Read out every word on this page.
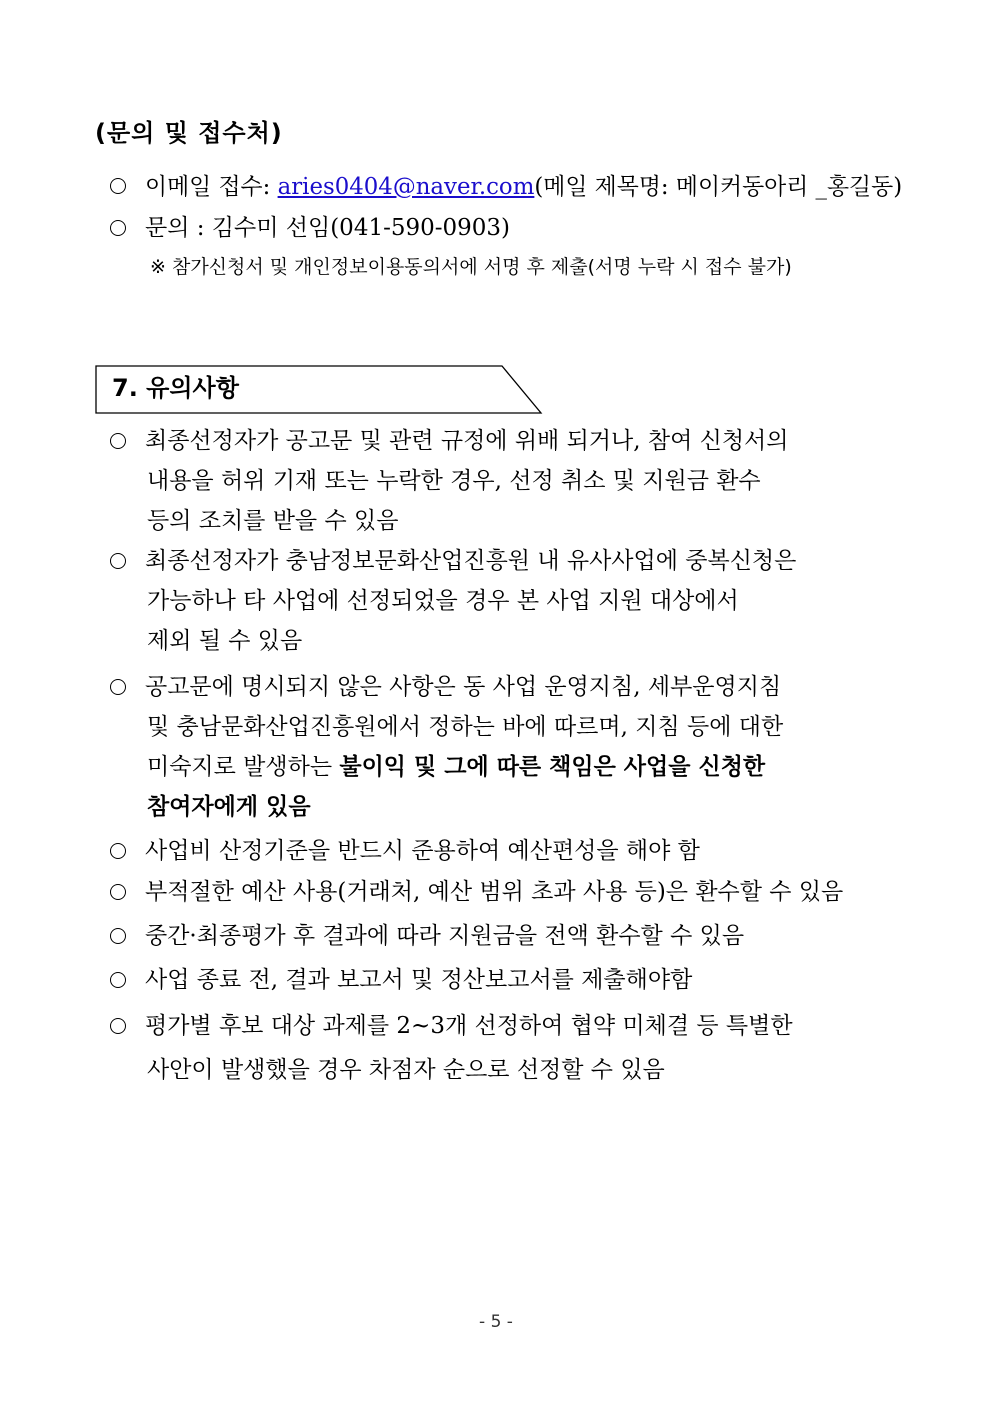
(문의 및 접수처)
이메일 접수: aries0404@naver.com(메일 제목명: 메이커동아리 _홍길동)
문의 : 김수미 선임(041-590-0903)
※ 참가신청서 및 개인정보이용동의서에 서명 후 제출(서명 누락 시 접수 불가)
7. 유의사항
최종선정자가 공고문 및 관련 규정에 위배 되거나, 참여 신청서의
내용을 허위 기재 또는 누락한 경우, 선정 취소 및 지원금 환수
등의 조치를 받을 수 있음
최종선정자가 충남정보문화산업진흥원 내 유사사업에 중복신청은
가능하나 타 사업에 선정되었을 경우 본 사업 지원 대상에서
제외 될 수 있음
공고문에 명시되지 않은 사항은 동 사업 운영지침, 세부운영지침
및 충남문화산업진흥원에서 정하는 바에 따르며, 지침 등에 대한
미숙지로 발생하는 불이익 및 그에 따른 책임은 사업을 신청한
참여자에게 있음
사업비 산정기준을 반드시 준용하여 예산편성을 해야 함
부적절한 예산 사용(거래처, 예산 범위 초과 사용 등)은 환수할 수 있음
중간·최종평가 후 결과에 따라 지원금을 전액 환수할 수 있음
사업 종료 전, 결과 보고서 및 정산보고서를 제출해야함
평가별 후보 대상 과제를 2~3개 선정하여 협약 미체결 등 특별한
사안이 발생했을 경우 차점자 순으로 선정할 수 있음
- 5 -
